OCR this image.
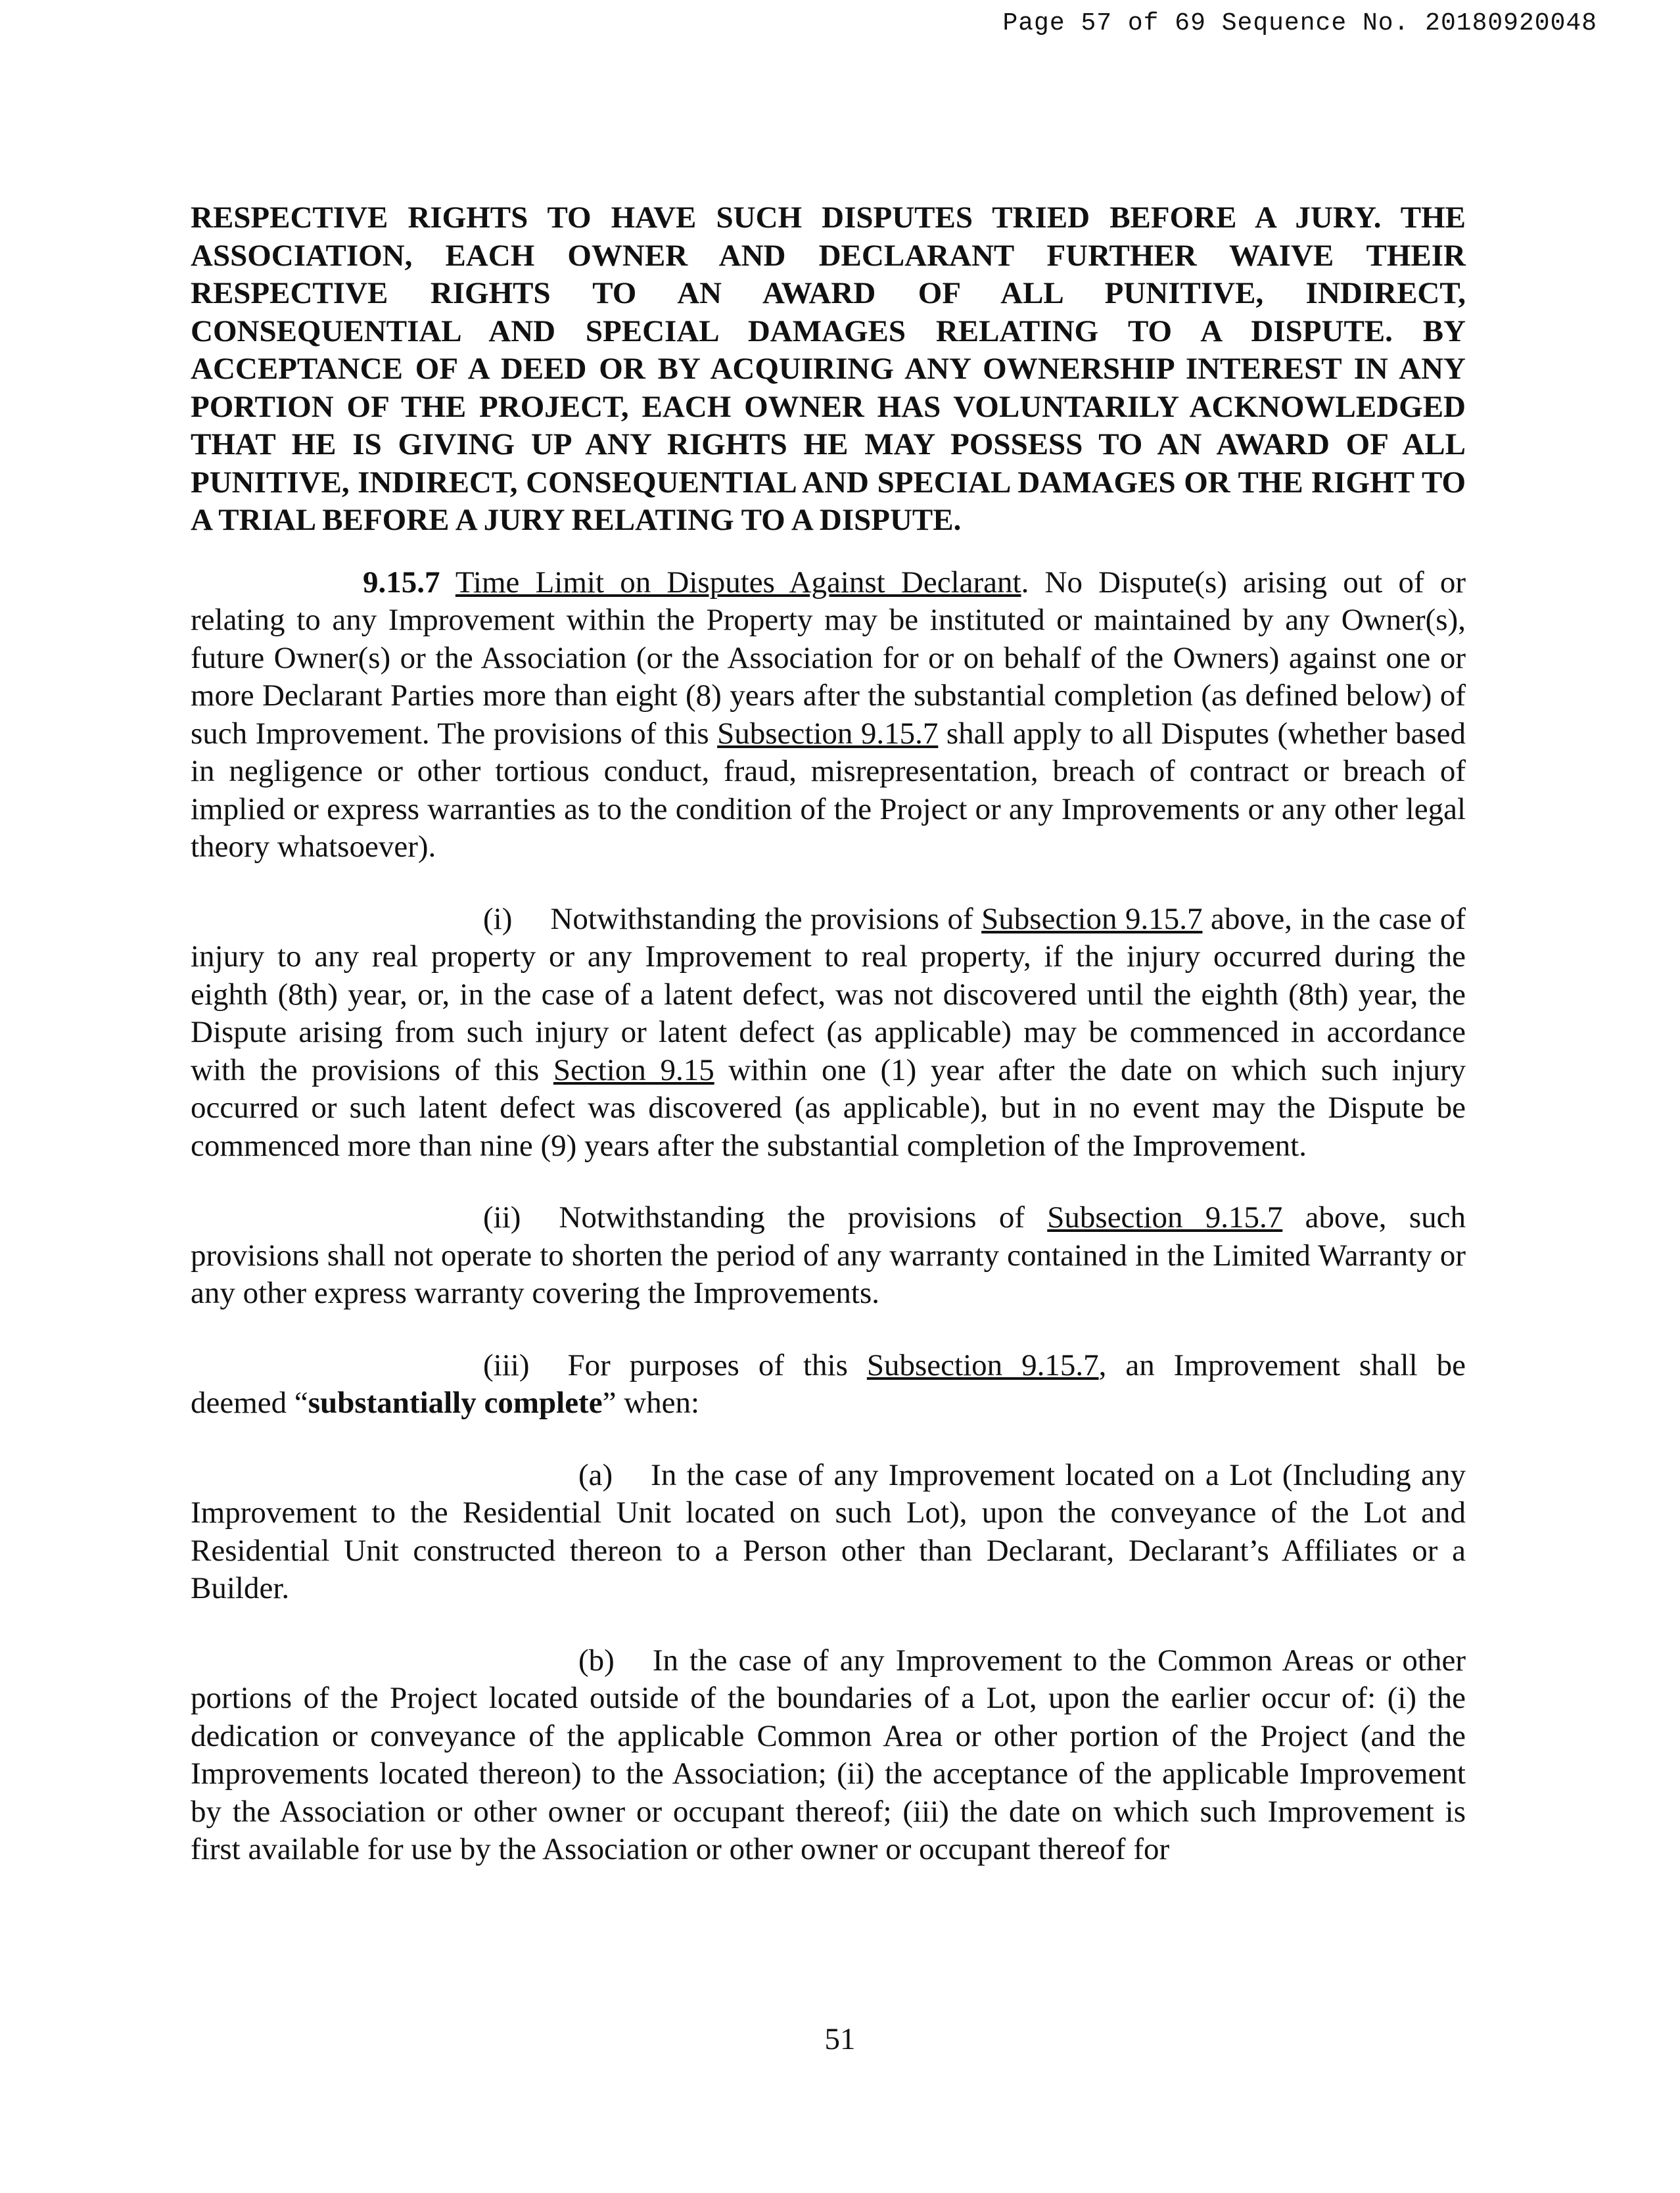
Page 57 of 69 Sequence No. 20180920048

RESPECTIVE RIGHTS TO HAVE SUCH DISPUTES TRIED BEFORE A JURY. THE ASSOCIATION, EACH OWNER AND DECLARANT FURTHER WAIVE THEIR RESPECTIVE RIGHTS TO AN AWARD OF ALL PUNITIVE, INDIRECT, CONSEQUENTIAL AND SPECIAL DAMAGES RELATING TO A DISPUTE. BY ACCEPTANCE OF A DEED OR BY ACQUIRING ANY OWNERSHIP INTEREST IN ANY PORTION OF THE PROJECT, EACH OWNER HAS VOLUNTARILY ACKNOWLEDGED THAT HE IS GIVING UP ANY RIGHTS HE MAY POSSESS TO AN AWARD OF ALL PUNITIVE, INDIRECT, CONSEQUENTIAL AND SPECIAL DAMAGES OR THE RIGHT TO A TRIAL BEFORE A JURY RELATING TO A DISPUTE.

9.15.7 Time Limit on Disputes Against Declarant. No Dispute(s) arising out of or relating to any Improvement within the Property may be instituted or maintained by any Owner(s), future Owner(s) or the Association (or the Association for or on behalf of the Owners) against one or more Declarant Parties more than eight (8) years after the substantial completion (as defined below) of such Improvement. The provisions of this Subsection 9.15.7 shall apply to all Disputes (whether based in negligence or other tortious conduct, fraud, misrepresentation, breach of contract or breach of implied or express warranties as to the condition of the Project or any Improvements or any other legal theory whatsoever).

(i) Notwithstanding the provisions of Subsection 9.15.7 above, in the case of injury to any real property or any Improvement to real property, if the injury occurred during the eighth (8th) year, or, in the case of a latent defect, was not discovered until the eighth (8th) year, the Dispute arising from such injury or latent defect (as applicable) may be commenced in accordance with the provisions of this Section 9.15 within one (1) year after the date on which such injury occurred or such latent defect was discovered (as applicable), but in no event may the Dispute be commenced more than nine (9) years after the substantial completion of the Improvement.

(ii) Notwithstanding the provisions of Subsection 9.15.7 above, such provisions shall not operate to shorten the period of any warranty contained in the Limited Warranty or any other express warranty covering the Improvements.

(iii) For purposes of this Subsection 9.15.7, an Improvement shall be deemed “substantially complete” when:

(a) In the case of any Improvement located on a Lot (Including any Improvement to the Residential Unit located on such Lot), upon the conveyance of the Lot and Residential Unit constructed thereon to a Person other than Declarant, Declarant’s Affiliates or a Builder.

(b) In the case of any Improvement to the Common Areas or other portions of the Project located outside of the boundaries of a Lot, upon the earlier occur of: (i) the dedication or conveyance of the applicable Common Area or other portion of the Project (and the Improvements located thereon) to the Association; (ii) the acceptance of the applicable Improvement by the Association or other owner or occupant thereof; (iii) the date on which such Improvement is first available for use by the Association or other owner or occupant thereof for

51
